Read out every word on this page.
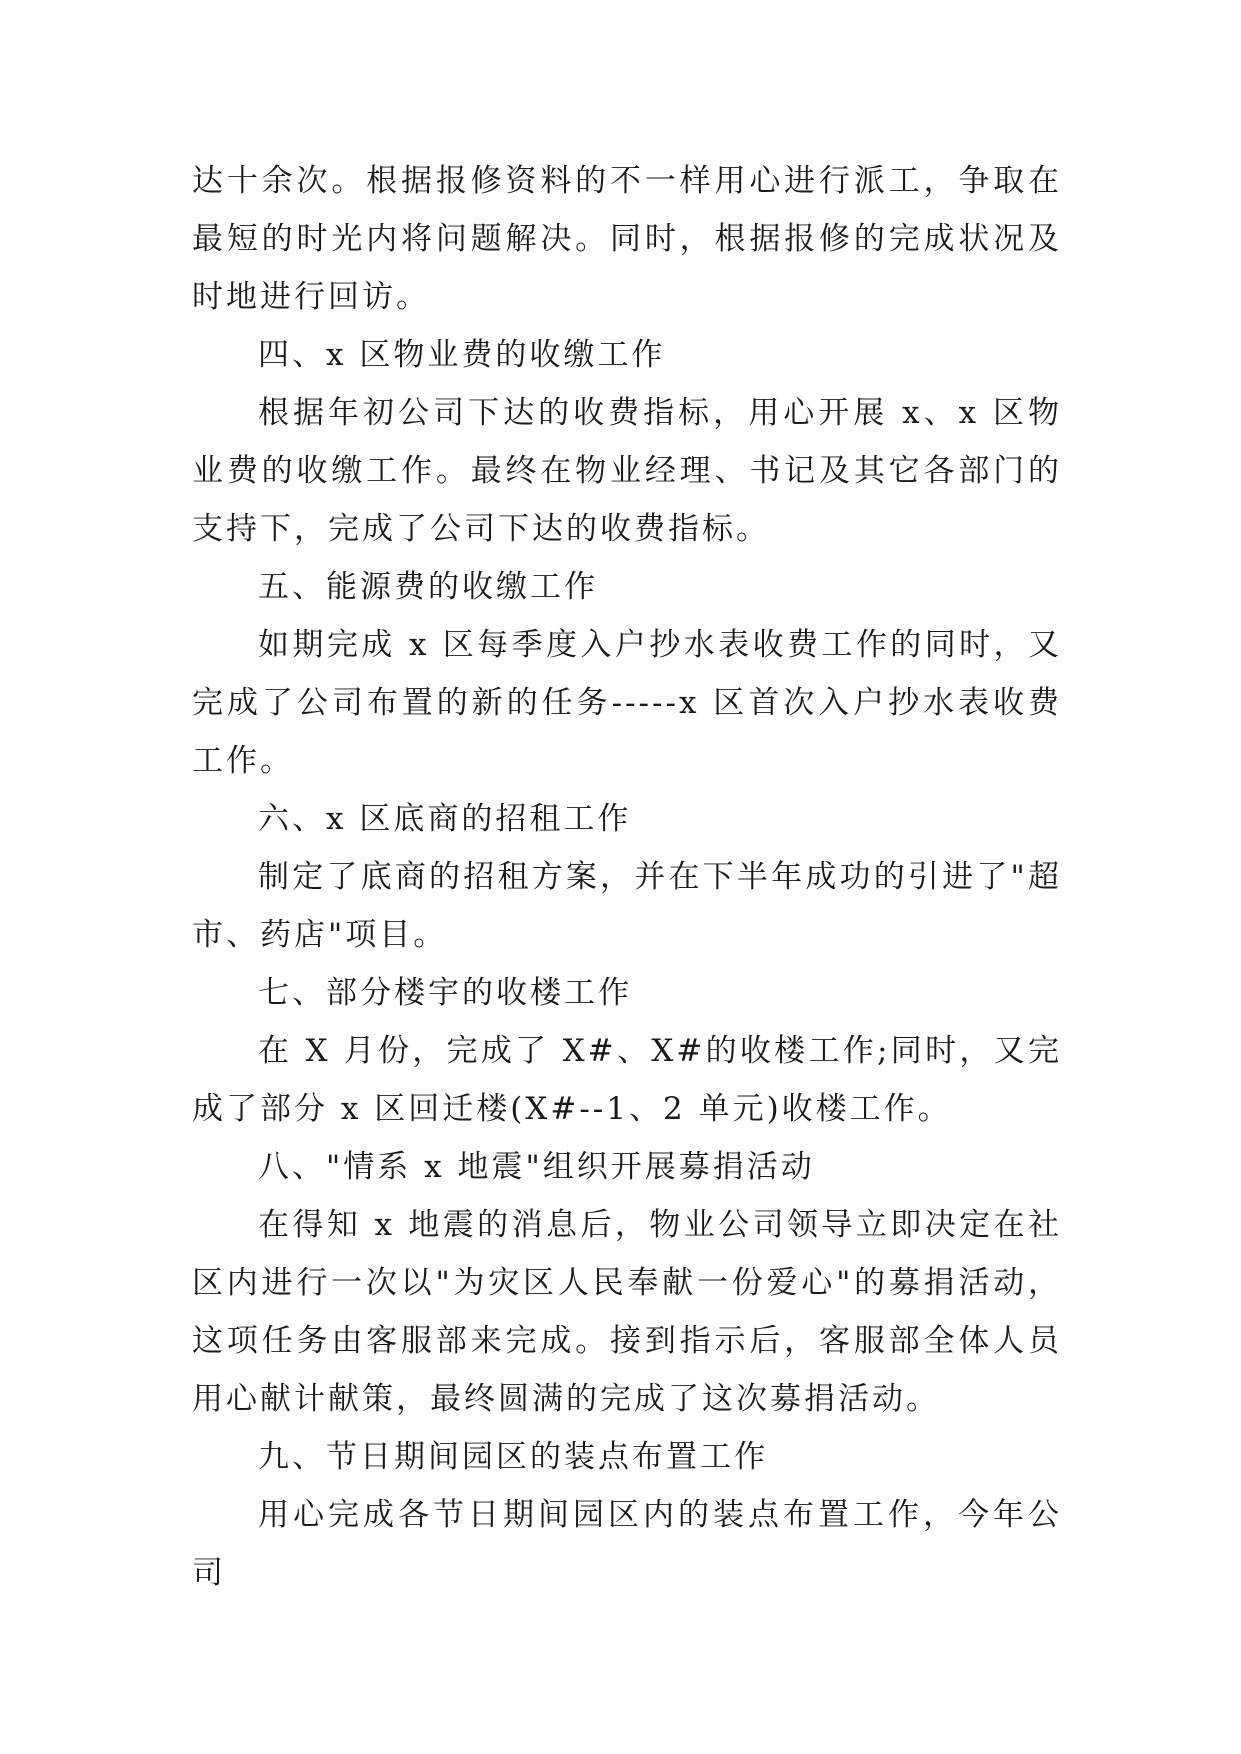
达十余次。根据报修资料的不一样用心进行派工，争取在最短的时光内将问题解决。同时，根据报修的完成状况及时地进行回访。

四、x 区物业费的收缴工作

根据年初公司下达的收费指标，用心开展 x、x 区物业费的收缴工作。最终在物业经理、书记及其它各部门的支持下，完成了公司下达的收费指标。

五、能源费的收缴工作

如期完成 x 区每季度入户抄水表收费工作的同时，又完成了公司布置的新的任务-----x 区首次入户抄水表收费工作。

六、x 区底商的招租工作

制定了底商的招租方案，并在下半年成功的引进了"超市、药店"项目。

七、部分楼宇的收楼工作

在 X 月份，完成了 X#、X#的收楼工作;同时，又完成了部分 x 区回迁楼(X#--1、2 单元)收楼工作。

八、"情系 x 地震"组织开展募捐活动

在得知 x 地震的消息后，物业公司领导立即决定在社区内进行一次以"为灾区人民奉献一份爱心"的募捐活动，这项任务由客服部来完成。接到指示后，客服部全体人员用心献计献策，最终圆满的完成了这次募捐活动。

九、节日期间园区的装点布置工作

用心完成各节日期间园区内的装点布置工作，今年公司
